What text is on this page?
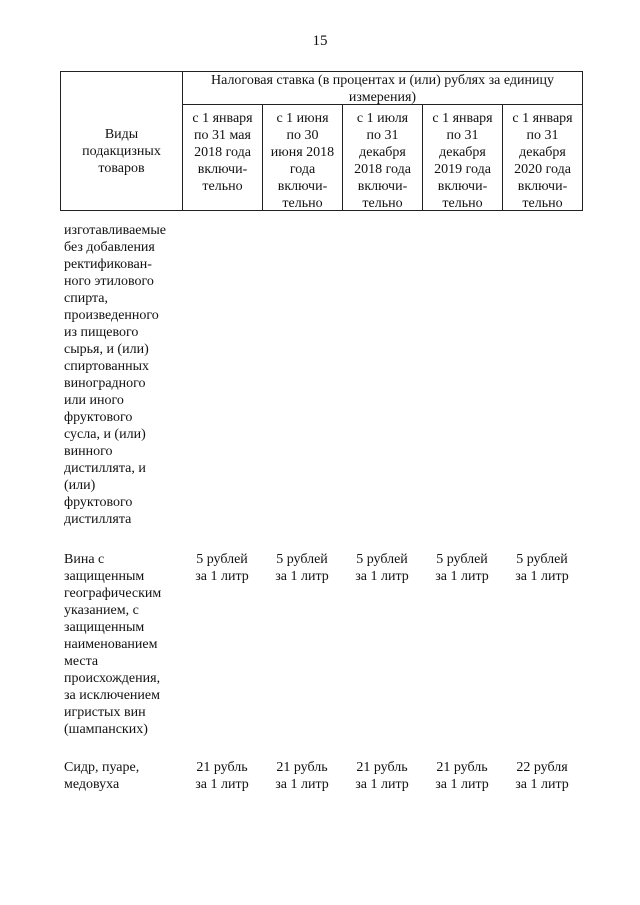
15
Виды
подакцизных
товаров
Налоговая ставка (в процентах и (или) рублях за единицу
измерения)
с 1 января
по 31 мая
2018 года
включи-
тельно
с 1 июня
по 30
июня 2018
года
включи-
тельно
с 1 июля
по 31
декабря
2018 года
включи-
тельно
с 1 января
по 31
декабря
2019 года
включи-
тельно
с 1 января
по 31
декабря
2020 года
включи-
тельно
изготавливаемые
без добавления
ректификован-
ного этилового
спирта,
произведенного
из пищевого
сырья, и (или)
спиртованных
виноградного
или иного
фруктового
сусла, и (или)
винного
дистиллята, и
(или)
фруктового
дистиллята
Вина с
защищенным
географическим
указанием, с
защищенным
наименованием
места
происхождения,
за исключением
игристых вин
(шампанских)
5 рублей
за 1 литр
5 рублей
за 1 литр
5 рублей
за 1 литр
5 рублей
за 1 литр
5 рублей
за 1 литр
Сидр, пуаре,
медовуха
21 рубль
за 1 литр
21 рубль
за 1 литр
21 рубль
за 1 литр
21 рубль
за 1 литр
22 рубля
за 1 литр
